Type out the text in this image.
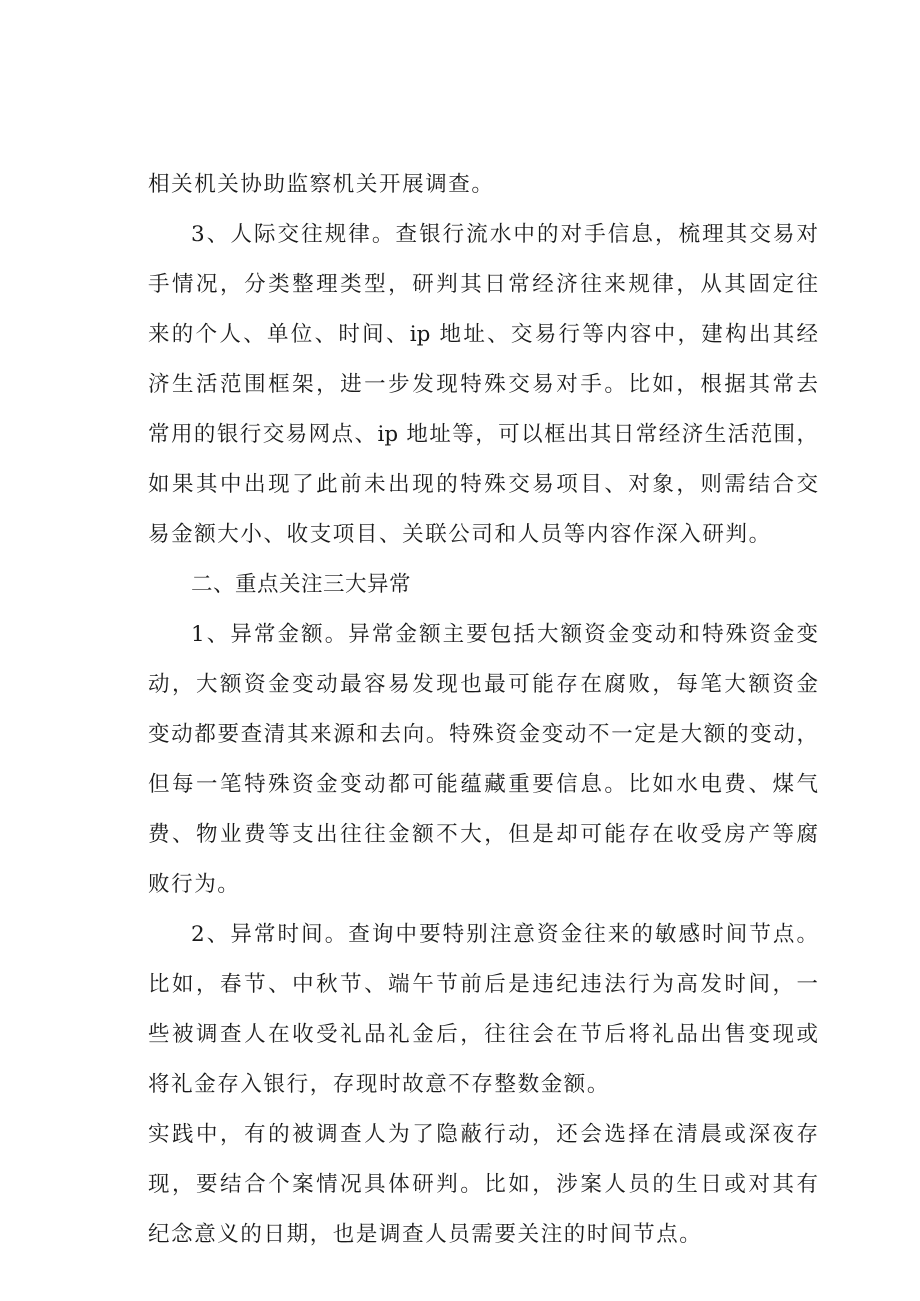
相关机关协助监察机关开展调查。
3、人际交往规律。查银行流水中的对手信息，梳理其交易对
手情况，分类整理类型，研判其日常经济往来规律，从其固定往
来的个人、单位、时间、ip 地址、交易行等内容中，建构出其经
济生活范围框架，进一步发现特殊交易对手。比如，根据其常去
常用的银行交易网点、ip 地址等，可以框出其日常经济生活范围，
如果其中出现了此前未出现的特殊交易项目、对象，则需结合交
易金额大小、收支项目、关联公司和人员等内容作深入研判。
二、重点关注三大异常
1、异常金额。异常金额主要包括大额资金变动和特殊资金变
动，大额资金变动最容易发现也最可能存在腐败，每笔大额资金
变动都要查清其来源和去向。特殊资金变动不一定是大额的变动，
但每一笔特殊资金变动都可能蕴藏重要信息。比如水电费、煤气
费、物业费等支出往往金额不大，但是却可能存在收受房产等腐
败行为。
2、异常时间。查询中要特别注意资金往来的敏感时间节点。
比如，春节、中秋节、端午节前后是违纪违法行为高发时间，一
些被调查人在收受礼品礼金后，往往会在节后将礼品出售变现或
将礼金存入银行，存现时故意不存整数金额。
实践中，有的被调查人为了隐蔽行动，还会选择在清晨或深夜存
现，要结合个案情况具体研判。比如，涉案人员的生日或对其有
纪念意义的日期，也是调查人员需要关注的时间节点。
